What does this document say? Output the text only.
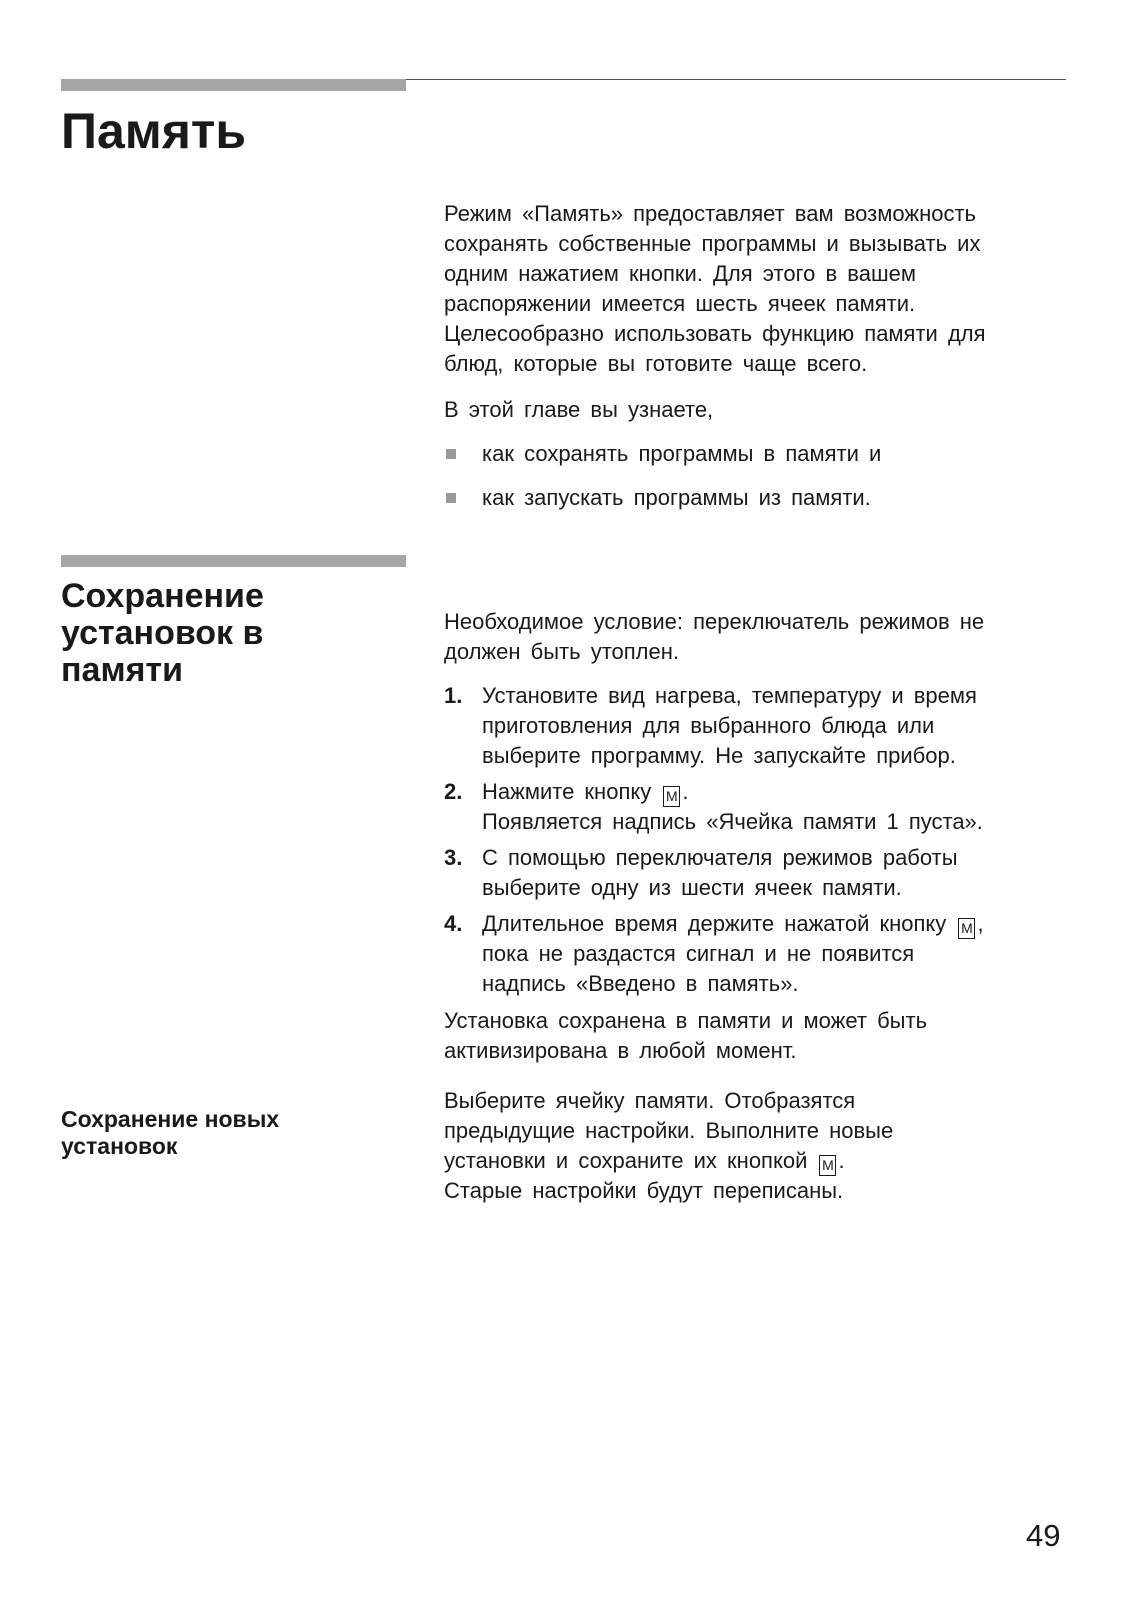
Память

Режим «Память» предоставляет вам возможность

сохранять собственные программы и вызывать их

одним нажатием кнопки. Для этого в вашем

распоряжении имеется шесть ячеек памяти.

Целесообразно использовать функцию памяти для

блюд, которые вы готовите чаще всего.

В этой главе вы узнаете,

как сохранять программы в памяти и
как запускать программы из памяти.
Сохранение
установок в
памяти

Необходимое условие: переключатель режимов не

должен быть утоплен.

1. Установите вид нагрева, температуру и время
приготовления для выбранного блюда или
выберите программу. Не запускайте прибор.
2. Нажмите кнопку M .
Появляется надпись «Ячейка памяти 1 пуста».
3. С помощью переключателя режимов работы
выберите одну из шести ячеек памяти.
4. Длительное время держите нажатой кнопку M ,
пока не раздастся сигнал и не появится
надпись «Введено в память».

Установка сохранена в памяти и может быть

активизирована в любой момент.

Сохранение новых
установок

Выберите ячейку памяти. Отобразятся

предыдущие настройки. Выполните новые

установки и сохраните их кнопкой M .

Старые настройки будут переписаны.

49
